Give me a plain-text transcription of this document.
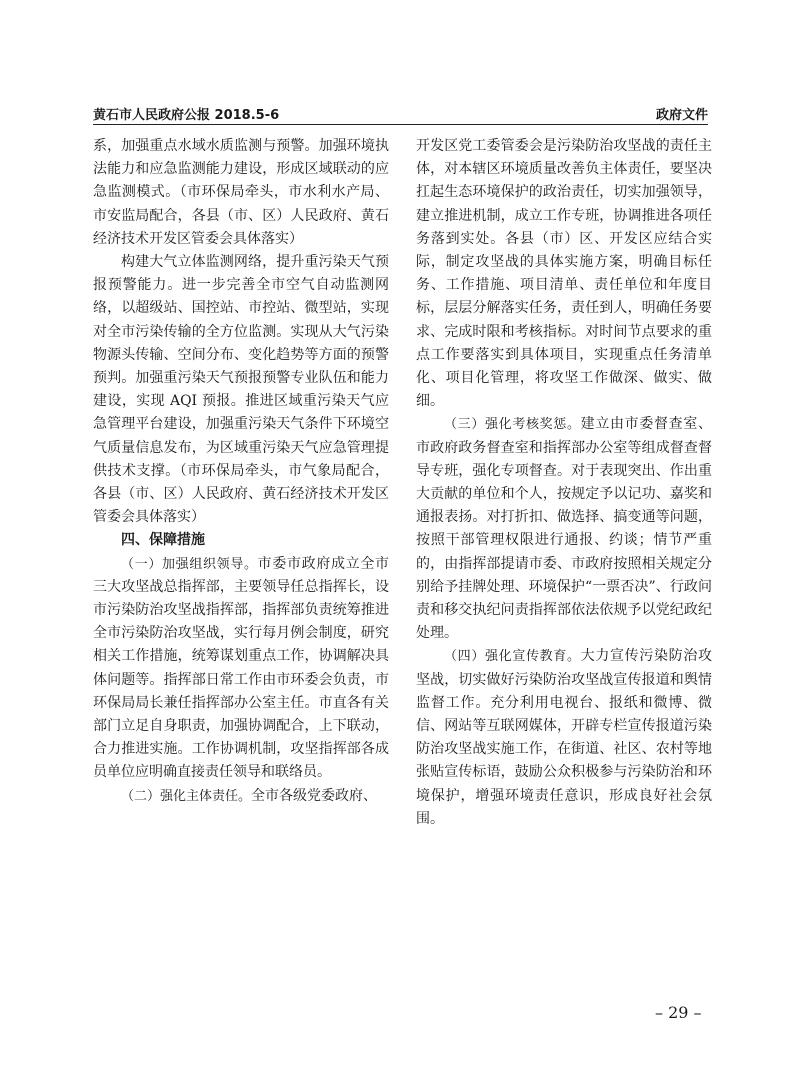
黄石市人民政府公报 2018.5-6	政府文件

系，加强重点水域水质监测与预警。加强环境执法能力和应急监测能力建设，形成区域联动的应急监测模式。（市环保局牵头，市水利水产局、市安监局配合，各县（市、区）人民政府、黄石经济技术开发区管委会具体落实）

构建大气立体监测网络，提升重污染天气预报预警能力。进一步完善全市空气自动监测网络，以超级站、国控站、市控站、微型站，实现对全市污染传输的全方位监测。实现从大气污染物源头传输、空间分布、变化趋势等方面的预警预判。加强重污染天气预报预警专业队伍和能力建设，实现 AQI 预报。推进区域重污染天气应急管理平台建设，加强重污染天气条件下环境空气质量信息发布，为区域重污染天气应急管理提供技术支撑。（市环保局牵头，市气象局配合，各县（市、区）人民政府、黄石经济技术开发区管委会具体落实）

四、保障措施

（一）加强组织领导。市委市政府成立全市三大攻坚战总指挥部，主要领导任总指挥长，设市污染防治攻坚战指挥部，指挥部负责统筹推进全市污染防治攻坚战，实行每月例会制度，研究相关工作措施，统筹谋划重点工作，协调解决具体问题等。指挥部日常工作由市环委会负责，市环保局局长兼任指挥部办公室主任。市直各有关部门立足自身职责，加强协调配合，上下联动，合力推进实施。工作协调机制，攻坚指挥部各成员单位应明确直接责任领导和联络员。

（二）强化主体责任。全市各级党委政府、

开发区党工委管委会是污染防治攻坚战的责任主体，对本辖区环境质量改善负主体责任，要坚决扛起生态环境保护的政治责任，切实加强领导，建立推进机制，成立工作专班，协调推进各项任务落到实处。各县（市）区、开发区应结合实际，制定攻坚战的具体实施方案，明确目标任务、工作措施、项目清单、责任单位和年度目标，层层分解落实任务，责任到人，明确任务要求、完成时限和考核指标。对时间节点要求的重点工作要落实到具体项目，实现重点任务清单化、项目化管理，将攻坚工作做深、做实、做细。

（三）强化考核奖惩。建立由市委督查室、市政府政务督查室和指挥部办公室等组成督查督导专班，强化专项督查。对于表现突出、作出重大贡献的单位和个人，按规定予以记功、嘉奖和通报表扬。对打折扣、做选择、搞变通等问题，按照干部管理权限进行通报、约谈；情节严重的，由指挥部提请市委、市政府按照相关规定分别给予挂牌处理、环境保护“一票否决”、行政问责和移交执纪问责指挥部依法依规予以党纪政纪处理。

（四）强化宣传教育。大力宣传污染防治攻坚战，切实做好污染防治攻坚战宣传报道和舆情监督工作。充分利用电视台、报纸和微博、微信、网站等互联网媒体，开辟专栏宣传报道污染防治攻坚战实施工作，在街道、社区、农村等地张贴宣传标语，鼓励公众积极参与污染防治和环境保护，增强环境责任意识，形成良好社会氛围。

– 29 –
